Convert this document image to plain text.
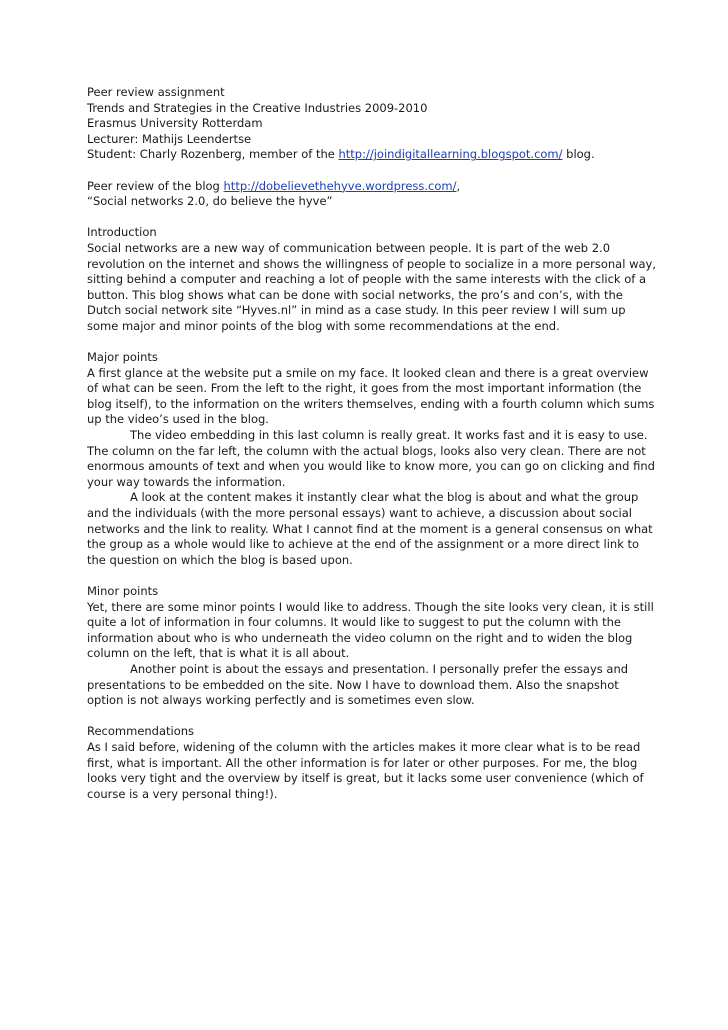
Peer review assignment

Trends and Strategies in the Creative Industries 2009-2010

Erasmus University Rotterdam

Lecturer: Mathijs Leendertse

Student: Charly Rozenberg, member of the http://joindigitallearning.blogspot.com/ blog.

Peer review of the blog http://dobelievethehyve.wordpress.com/,

“Social networks 2.0, do believe the hyve”

Introduction

Social networks are a new way of communication between people. It is part of the web 2.0 revolution on the internet and shows the willingness of people to socialize in a more personal way, sitting behind a computer and reaching a lot of people with the same interests with the click of a button. This blog shows what can be done with social networks, the pro’s and con’s, with the Dutch social network site “Hyves.nl” in mind as a case study. In this peer review I will sum up some major and minor points of the blog with some recommendations at the end.

Major points

A first glance at the website put a smile on my face. It looked clean and there is a great overview of what can be seen. From the left to the right, it goes from the most important information (the blog itself), to the information on the writers themselves, ending with a fourth column which sums up the video’s used in the blog.

The video embedding in this last column is really great. It works fast and it is easy to use. The column on the far left, the column with the actual blogs, looks also very clean. There are not enormous amounts of text and when you would like to know more, you can go on clicking and find your way towards the information.

A look at the content makes it instantly clear what the blog is about and what the group and the individuals (with the more personal essays) want to achieve, a discussion about social networks and the link to reality. What I cannot find at the moment is a general consensus on what the group as a whole would like to achieve at the end of the assignment or a more direct link to the question on which the blog is based upon.

Minor points

Yet, there are some minor points I would like to address. Though the site looks very clean, it is still quite a lot of information in four columns. It would like to suggest to put the column with the information about who is who underneath the video column on the right and to widen the blog column on the left, that is what it is all about.

Another point is about the essays and presentation. I personally prefer the essays and presentations to be embedded on the site. Now I have to download them. Also the snapshot option is not always working perfectly and is sometimes even slow.

Recommendations

As I said before, widening of the column with the articles makes it more clear what is to be read first, what is important. All the other information is for later or other purposes. For me, the blog looks very tight and the overview by itself is great, but it lacks some user convenience (which of course is a very personal thing!).
